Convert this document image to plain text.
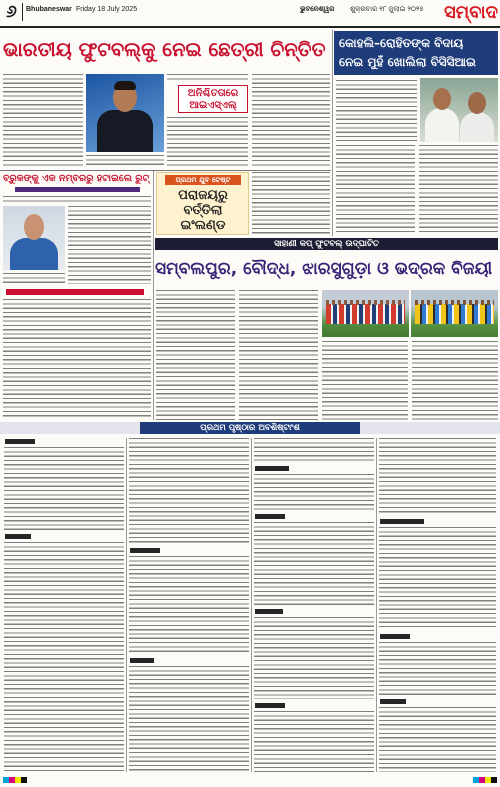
୬	Bhubaneswar Friday 18 July 2025	ଭୁବନେଶ୍ୱର	ଶୁକ୍ରବାର ୧୮ ଜୁଲାଇ ୨୦୨୫	ସମ୍ବାଦ
ଭାରତୀୟ ଫୁଟବଲ୍‌କୁ ନେଇ ଛେତ୍ରୀ ଚିନ୍ତିତ
ଅନିଶ୍ଚିତତାରେ
ଆଇଏସ୍‌ଏଲ୍
କୋହଲି–ରୋହିତଙ୍କ ବିଦାୟ
ନେଇ ମୁହଁ ଖୋଲିଲା ବିସିସିଆଇ
ବ୍ରୁକଙ୍କୁ ଏକ ନମ୍ବରରୁ ହଟାଇଲେ ରୁଟ୍	ପ୍ରଥମ ଯୁବ ଟେଷ୍ଟ
ପରାଜୟରୁ
ବର୍ତ୍ତିଲା
ଇଂଲଣ୍ଡ
ସାହାଣୀ କପ୍ ଫୁଟବଲ୍ ଉଦ୍‌ଘାଟିତ
ସମ୍ବଲପୁର, ବୌଦ୍ଧ, ଝାରସୁଗୁଡ଼ା ଓ ଭଦ୍ରକ ବିଜୟୀ
ପ୍ରଥମ ପୃଷ୍ଠାର ଅବଶିଷ୍ଟାଂଶ
